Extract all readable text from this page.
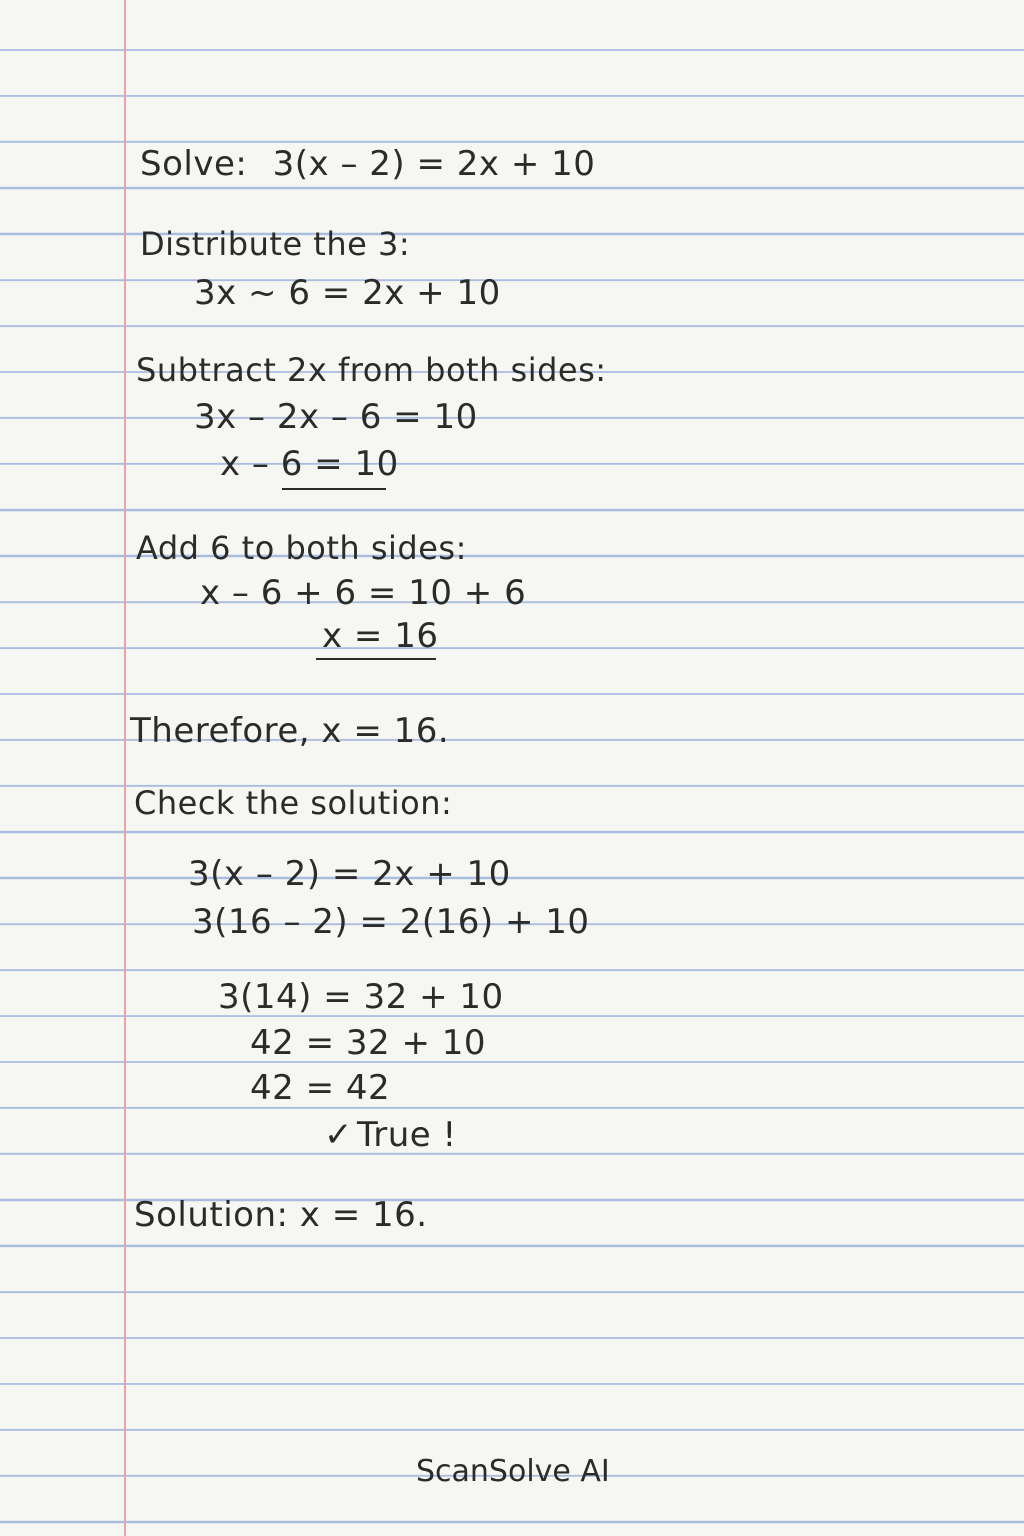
Solve: 3(x – 2) = 2x + 10
Distribute the 3:
3x ~ 6 = 2x + 10
Subtract 2x from both sides:
3x – 2x – 6 = 10
x – 6 = 10
Add 6 to both sides:
x – 6 + 6 = 10 + 6
x = 16
Therefore, x = 16.
Check the solution:
3(x – 2) = 2x + 10
3(16 – 2) = 2(16) + 10
3(14) = 32 + 10
42 = 32 + 10
42 = 42
✓ True !
Solution: x = 16.
ScanSolve AI
